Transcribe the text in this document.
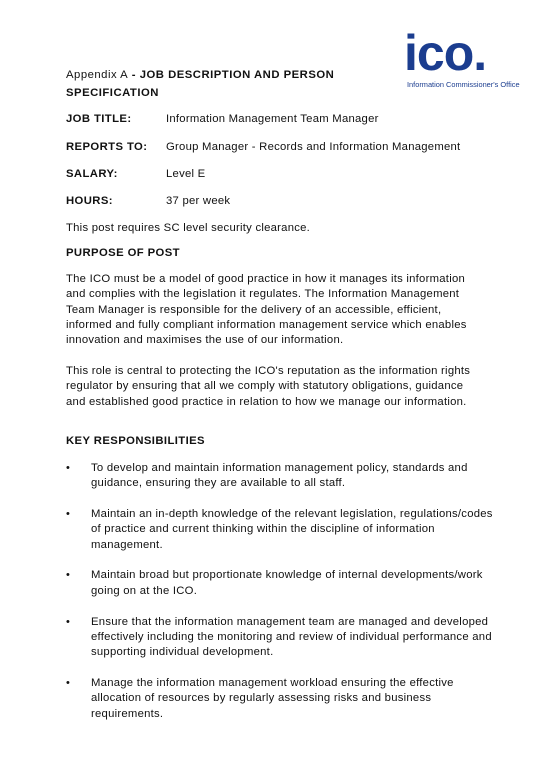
ico.
Information Commissioner's Office
Appendix A - JOB DESCRIPTION AND PERSON SPECIFICATION
JOB TITLE:	Information Management Team Manager
REPORTS TO: Group Manager - Records and Information Management
SALARY:	Level E
HOURS:	37 per week
This post requires SC level security clearance.
PURPOSE OF POST
The ICO must be a model of good practice in how it manages its information and complies with the legislation it regulates. The Information Management Team Manager is responsible for the delivery of an accessible, efficient, informed and fully compliant information management service which enables innovation and maximises the use of our information.
This role is central to protecting the ICO's reputation as the information rights regulator by ensuring that all we comply with statutory obligations, guidance and established good practice in relation to how we manage our information.
KEY RESPONSIBILITIES
•	To develop and maintain information management policy, standards and guidance, ensuring they are available to all staff.
•	Maintain an in-depth knowledge of the relevant legislation, regulations/codes of practice and current thinking within the discipline of information management.
•	Maintain broad but proportionate knowledge of internal developments/work going on at the ICO.
•	Ensure that the information management team are managed and developed effectively including the monitoring and review of individual performance and supporting individual development.
•	Manage the information management workload ensuring the effective allocation of resources by regularly assessing risks and business requirements.
